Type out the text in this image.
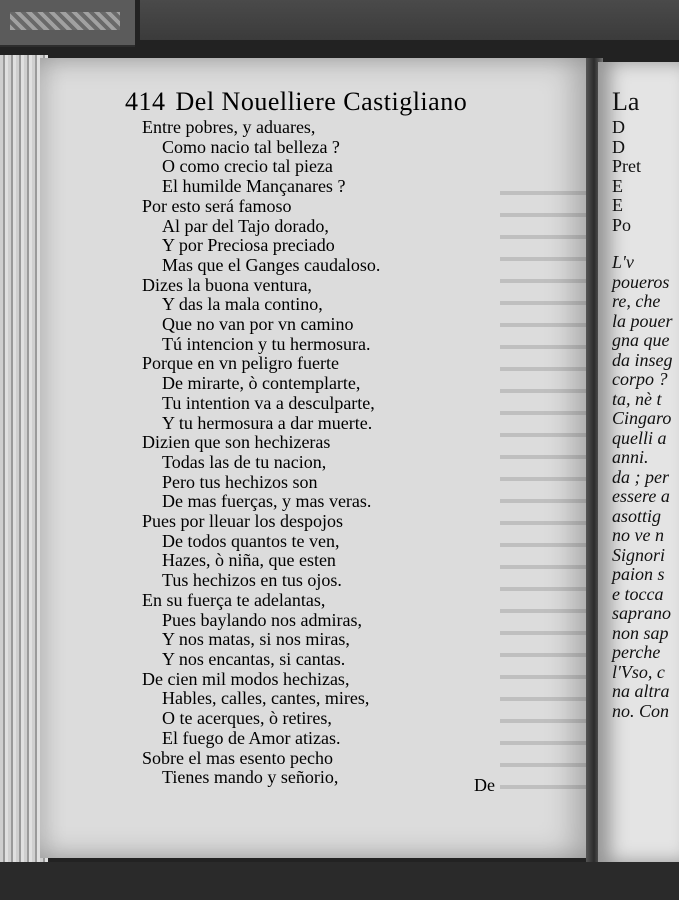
414 Del Nouelliere Castigliano
Entre pobres, y aduares,
Como nacio tal belleza ?
O como crecio tal pieza
El humilde Mançanares ?
Por esto será famoso
Al par del Tajo dorado,
Y por Preciosa preciado
Mas que el Ganges caudaloso.
Dizes la buona ventura,
Y das la mala contino,
Que no van por vn camino
Tú intencion y tu hermosura.
Porque en vn peligro fuerte
De mirarte, ò contemplarte,
Tu intention va a desculparte,
Y tu hermosura a dar muerte.
Dizien que son hechizeras
Todas las de tu nacion,
Pero tus hechizos son
De mas fuerças, y mas veras.
Pues por lleuar los despojos
De todos quantos te ven,
Hazes, ò niña, que esten
Tus hechizos en tus ojos.
En su fuerça te adelantas,
Pues baylando nos admiras,
Y nos matas, si nos miras,
Y nos encantas, si cantas.
De cien mil modos hechizas,
Hables, calles, cantes, mires,
O te acerques, ò retires,
El fuego de Amor atizas.
Sobre el mas esento pecho
Tienes mando y señorio,	De
La
D
D
Pret
E
E
Po
L'v
poueros
re, che
la pouer
gna que
da inseg
corpo ?
ta, nè t
Cingaro
quelli a
anni.
da ; per
essere a
asottig
no ve n
Signori
paion s
e tocca
saprano
non sap
perche
l'Vso, c
na altra
no. Con
